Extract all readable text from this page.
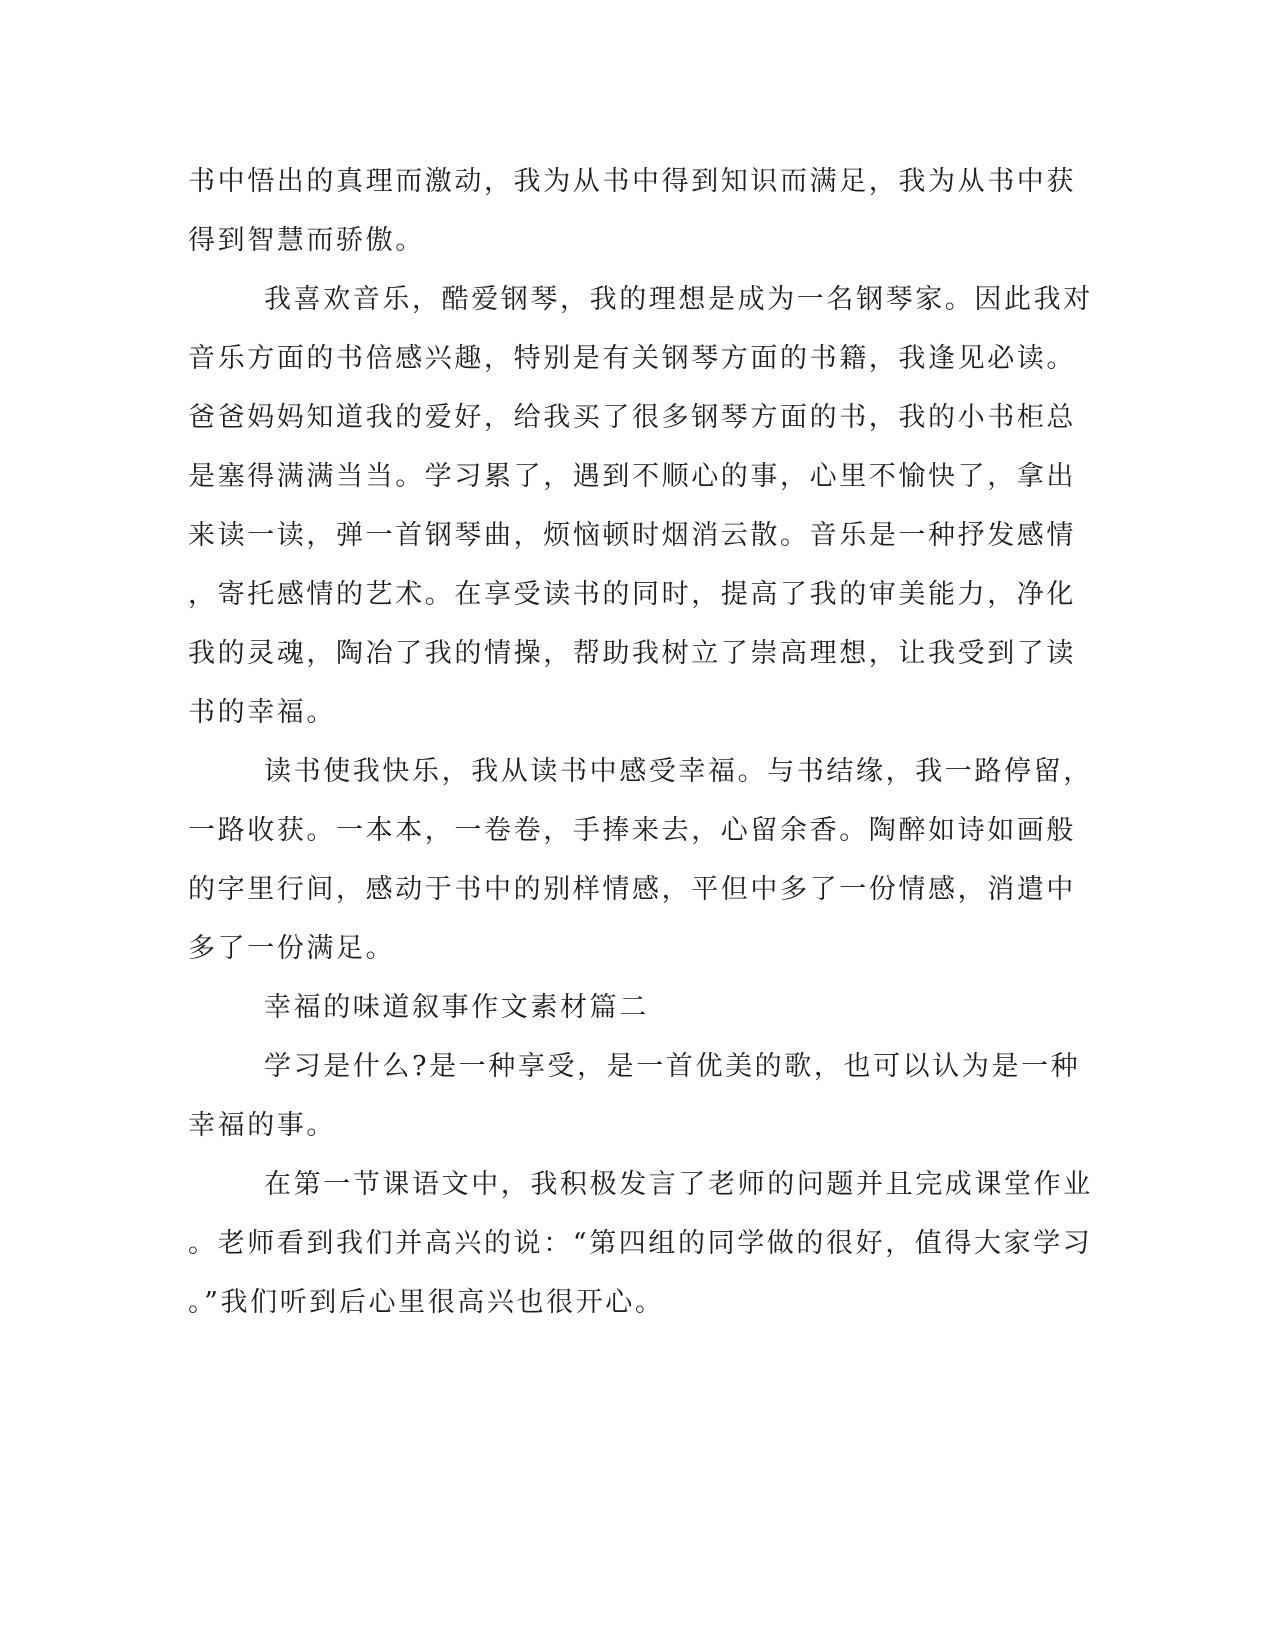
书中悟出的真理而激动，我为从书中得到知识而满足，我为从书中获
得到智慧而骄傲。
我喜欢音乐，酷爱钢琴，我的理想是成为一名钢琴家。因此我对
音乐方面的书倍感兴趣，特别是有关钢琴方面的书籍，我逢见必读。
爸爸妈妈知道我的爱好，给我买了很多钢琴方面的书，我的小书柜总
是塞得满满当当。学习累了，遇到不顺心的事，心里不愉快了，拿出
来读一读，弹一首钢琴曲，烦恼顿时烟消云散。音乐是一种抒发感情
，寄托感情的艺术。在享受读书的同时，提高了我的审美能力，净化
我的灵魂，陶冶了我的情操，帮助我树立了崇高理想，让我受到了读
书的幸福。
读书使我快乐，我从读书中感受幸福。与书结缘，我一路停留，
一路收获。一本本，一卷卷，手捧来去，心留余香。陶醉如诗如画般
的字里行间，感动于书中的别样情感，平但中多了一份情感，消遣中
多了一份满足。
幸福的味道叙事作文素材篇二
学习是什么?是一种享受，是一首优美的歌，也可以认为是一种
幸福的事。
在第一节课语文中，我积极发言了老师的问题并且完成课堂作业
。老师看到我们并高兴的说：“第四组的同学做的很好，值得大家学习
。”我们听到后心里很高兴也很开心。
